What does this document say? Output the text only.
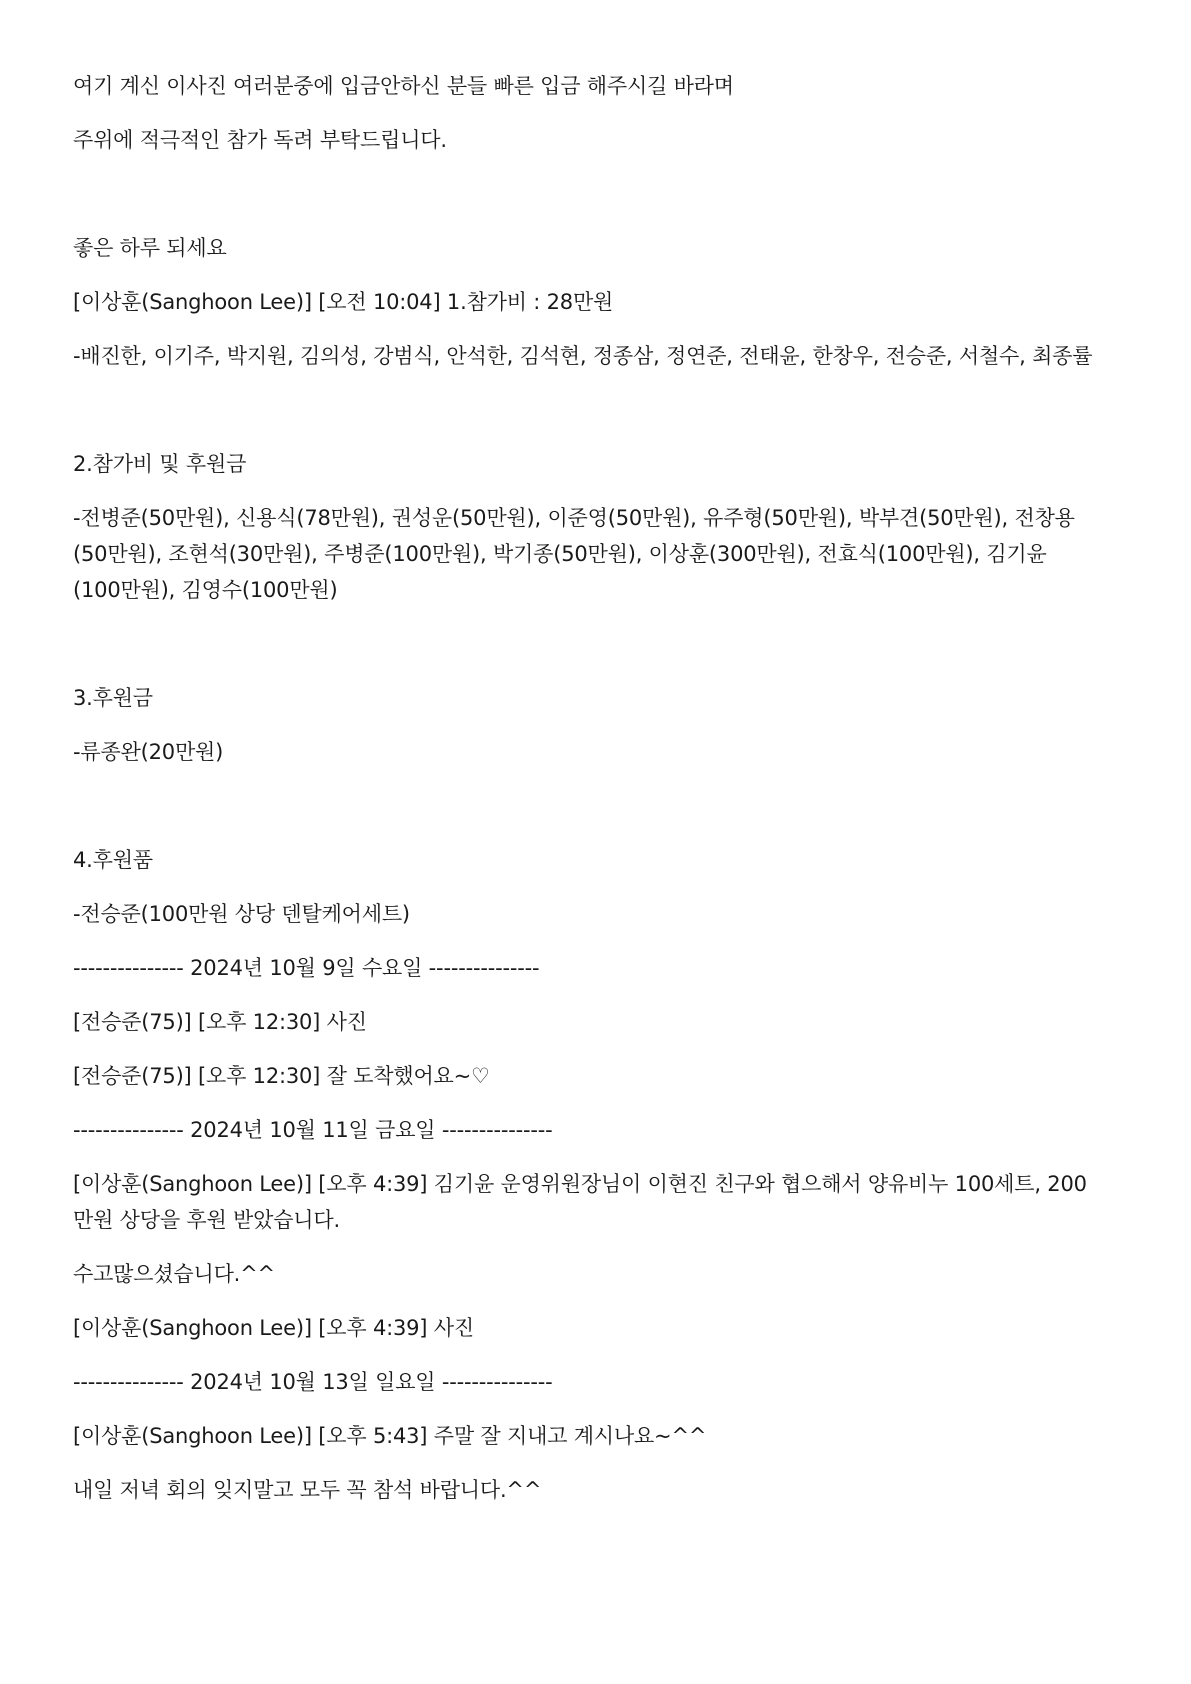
여기 계신 이사진 여러분중에 입금안하신 분들 빠른 입금 해주시길 바라며
주위에 적극적인 참가 독려 부탁드립니다.
좋은 하루 되세요
[이상훈(Sanghoon Lee)] [오전 10:04] 1.참가비 : 28만원
-배진한, 이기주, 박지원, 김의성, 강범식, 안석한, 김석현, 정종삼, 정연준, 전태윤, 한창우, 전승준, 서철수, 최종률
2.참가비 및 후원금
-전병준(50만원), 신용식(78만원), 권성운(50만원), 이준영(50만원), 유주형(50만원), 박부견(50만원), 전창용(50만원), 조현석(30만원), 주병준(100만원), 박기종(50만원), 이상훈(300만원), 전효식(100만원), 김기윤(100만원), 김영수(100만원)
3.후원금
-류종완(20만원)
4.후원품
-전승준(100만원 상당 덴탈케어세트)
--------------- 2024년 10월 9일 수요일 ---------------
[전승준(75)] [오후 12:30] 사진
[전승준(75)] [오후 12:30] 잘 도착했어요~♡
--------------- 2024년 10월 11일 금요일 ---------------
[이상훈(Sanghoon Lee)] [오후 4:39] 김기윤 운영위원장님이 이현진 친구와 협으해서 양유비누 100세트, 200 만원 상당을 후원 받았습니다.
수고많으셨습니다.^^
[이상훈(Sanghoon Lee)] [오후 4:39] 사진
--------------- 2024년 10월 13일 일요일 ---------------
[이상훈(Sanghoon Lee)] [오후 5:43] 주말 잘 지내고 계시나요~^^
내일 저녁 회의 잊지말고 모두 꼭 참석 바랍니다.^^
